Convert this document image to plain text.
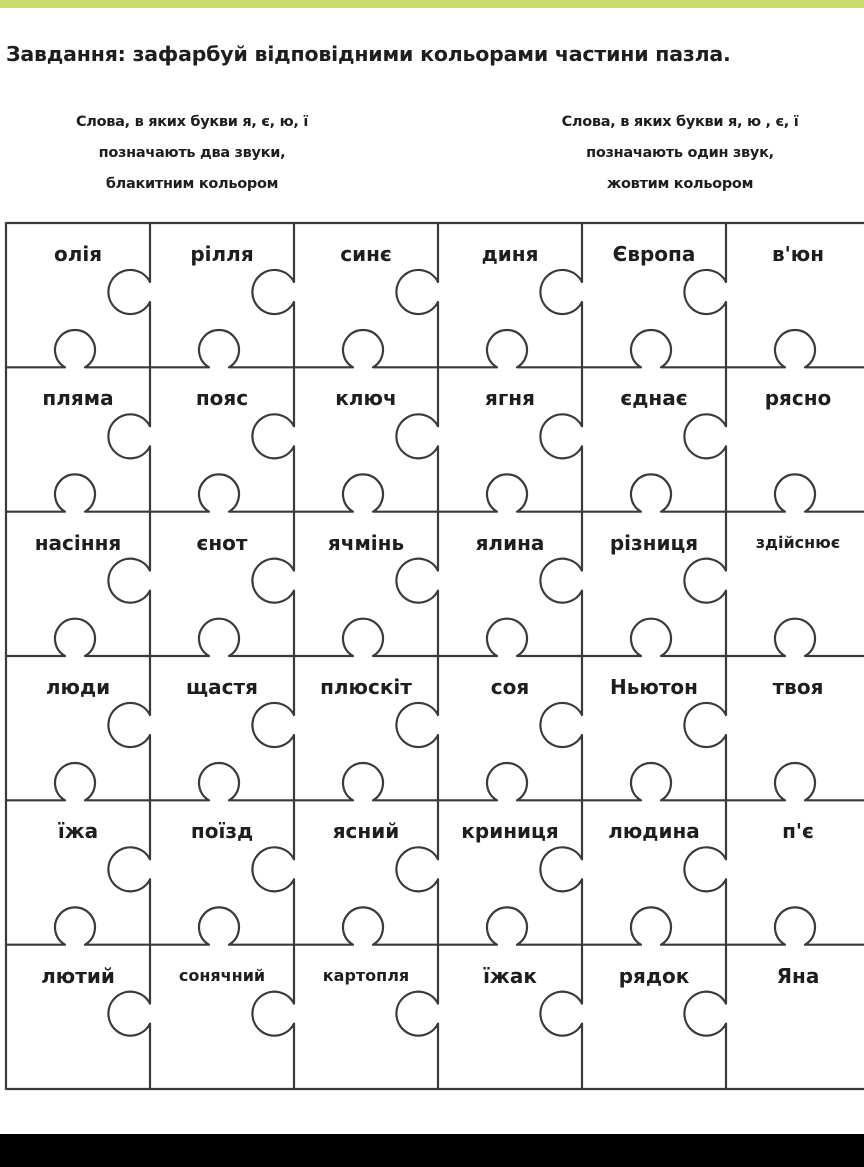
Завдання: зафарбуй відповідними кольорами частини пазла.
Слова, в яких букви я, є, ю, ї
позначають два звуки,
блакитним кольором
Слова, в яких букви я, ю , є, ї
позначають один звук,
жовтим кольором
олія	рілля	синє	диня	Європа	в'юн
пляма	пояс	ключ	ягня	єднає	рясно
насіння	єнот	ячмінь	ялина	різниця	здійснює
люди	щастя	плюскіт	соя	Ньютон	твоя
їжа	поїзд	ясний	криниця	людина	п'є
лютий	сонячний	картопля	їжак	рядок	Яна
